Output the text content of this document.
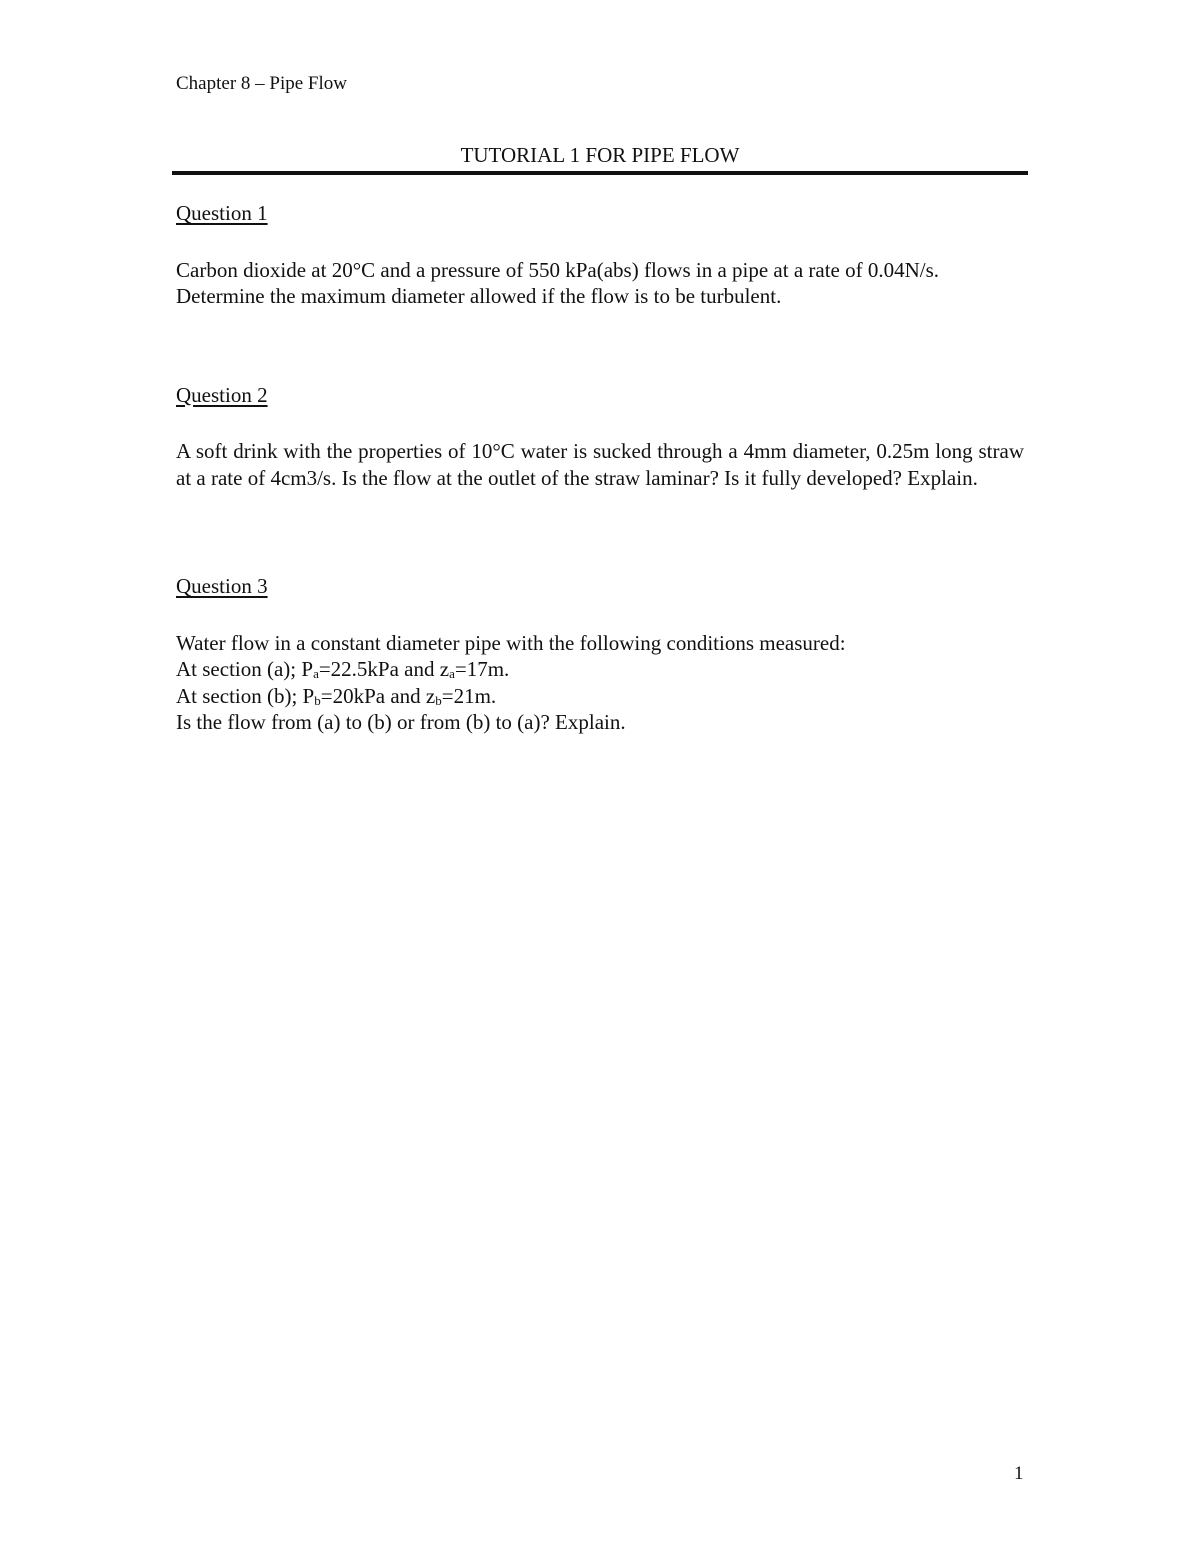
Chapter 8 – Pipe Flow
TUTORIAL 1 FOR PIPE FLOW

Question 1

Carbon dioxide at 20°C and a pressure of 550 kPa(abs) flows in a pipe at a rate of 0.04N/s. Determine the maximum diameter allowed if the flow is to be turbulent.

Question 2

A soft drink with the properties of 10°C water is sucked through a 4mm diameter, 0.25m long straw at a rate of 4cm3/s. Is the flow at the outlet of the straw laminar? Is it fully developed? Explain.

Question 3

Water flow in a constant diameter pipe with the following conditions measured:
At section (a); $P_a=22.5kPa$ and $z_a=17m$.
At section (b); $P_b=20kPa$ and $z_b=21m$.
Is the flow from (a) to (b) or from (b) to (a)? Explain.
1
